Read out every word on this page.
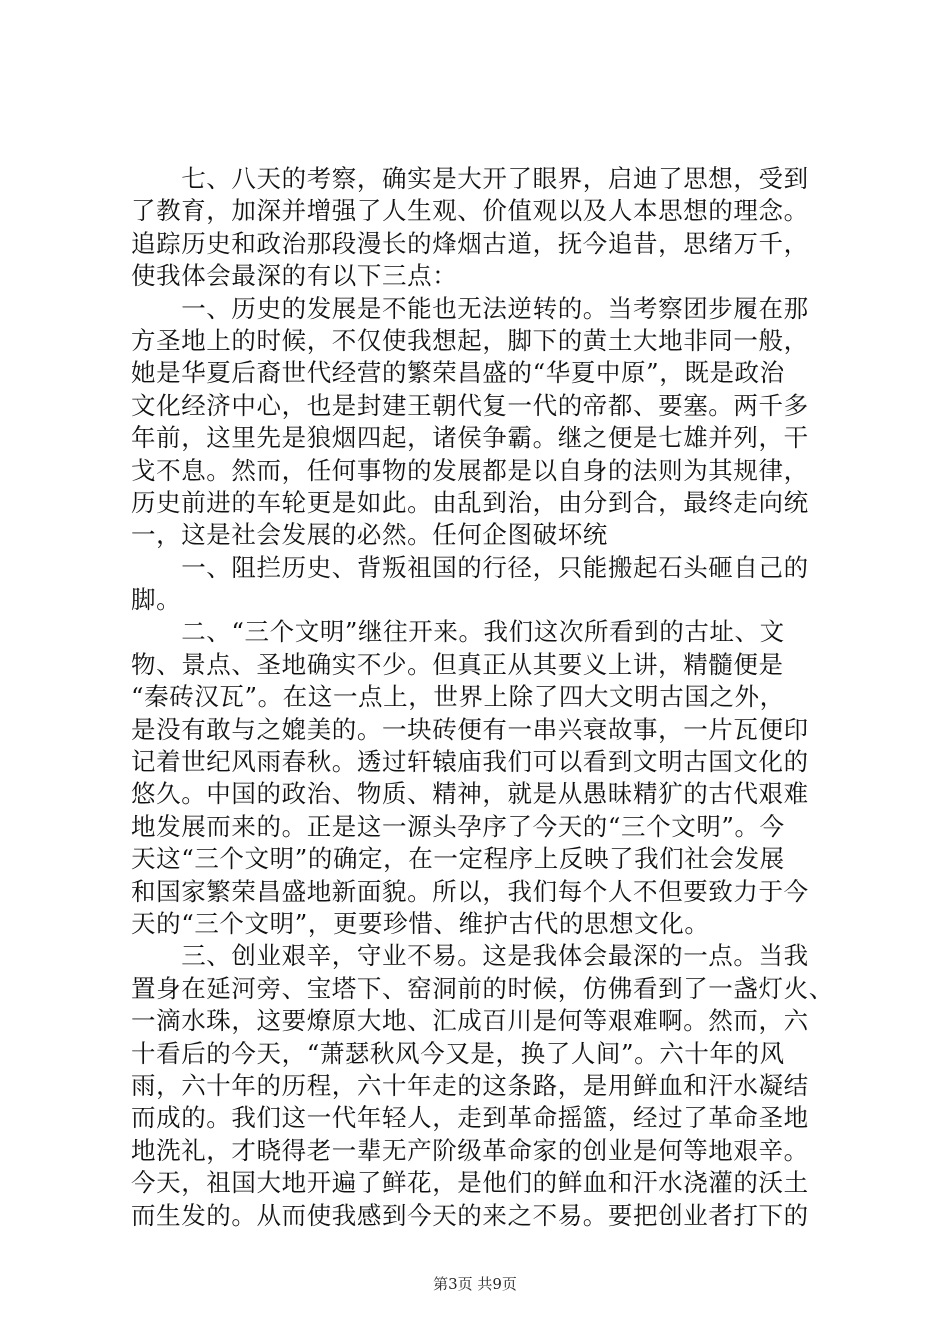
　　七、八天的考察，确实是大开了眼界，启迪了思想，受到
了教育，加深并增强了人生观、价值观以及人本思想的理念。
追踪历史和政治那段漫长的烽烟古道，抚今追昔，思绪万千，
使我体会最深的有以下三点：
　　一、历史的发展是不能也无法逆转的。当考察团步履在那
方圣地上的时候，不仅使我想起，脚下的黄土大地非同一般，
她是华夏后裔世代经营的繁荣昌盛的“华夏中原”，既是政治
文化经济中心，也是封建王朝代复一代的帝都、要塞。两千多
年前，这里先是狼烟四起，诸侯争霸。继之便是七雄并列，干
戈不息。然而，任何事物的发展都是以自身的法则为其规律，
历史前进的车轮更是如此。由乱到治，由分到合，最终走向统
一，这是社会发展的必然。任何企图破坏统
　　一、阻拦历史、背叛祖国的行径，只能搬起石头砸自己的
脚。
　　二、“三个文明”继往开来。我们这次所看到的古址、文
物、景点、圣地确实不少。但真正从其要义上讲，精髓便是
“秦砖汉瓦”。在这一点上，世界上除了四大文明古国之外，
是没有敢与之媲美的。一块砖便有一串兴衰故事，一片瓦便印
记着世纪风雨春秋。透过轩辕庙我们可以看到文明古国文化的
悠久。中国的政治、物质、精神，就是从愚昧精犷的古代艰难
地发展而来的。正是这一源头孕序了今天的“三个文明”。今
天这“三个文明”的确定，在一定程序上反映了我们社会发展
和国家繁荣昌盛地新面貌。所以，我们每个人不但要致力于今
天的“三个文明”，更要珍惜、维护古代的思想文化。
　　三、创业艰辛，守业不易。这是我体会最深的一点。当我
置身在延河旁、宝塔下、窑洞前的时候，仿佛看到了一盏灯火、
一滴水珠，这要燎原大地、汇成百川是何等艰难啊。然而，六
十看后的今天，“萧瑟秋风今又是，换了人间”。六十年的风
雨，六十年的历程，六十年走的这条路，是用鲜血和汗水凝结
而成的。我们这一代年轻人，走到革命摇篮，经过了革命圣地
地洗礼，才晓得老一辈无产阶级革命家的创业是何等地艰辛。
今天，祖国大地开遍了鲜花，是他们的鲜血和汗水浇灌的沃土
而生发的。从而使我感到今天的来之不易。要把创业者打下的
第3页 共9页
